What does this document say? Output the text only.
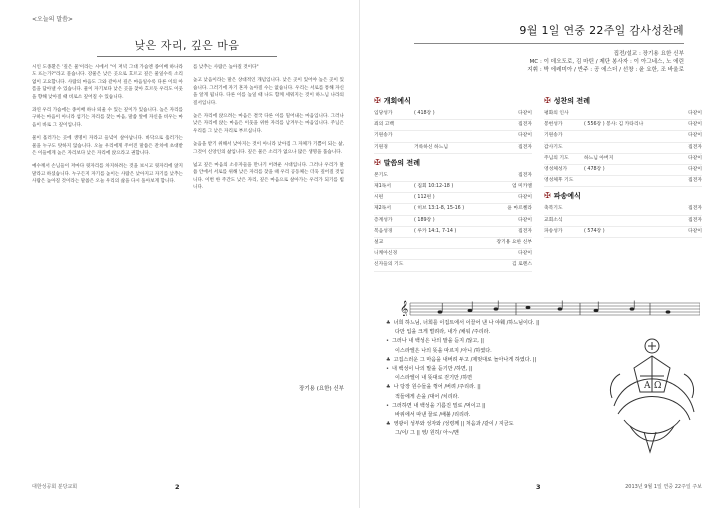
<오늘의 말씀>
낮은 자리, 깊은 마음

시인 도종환은 '깊은 물'이라는 시에서 "이 저녁 그대 가슴엔 종이배 하나라도 뜨는가?"라고 묻습니다. 강물은 낮은 곳으로 흐르고 깊은 물일수록 소리 없이 고요합니다. 사람의 마음도 그와 같아서 깊은 마음일수록 다른 이의 아픔을 담아낼 수 있습니다. 물이 자기보다 낮은 곳을 찾아 흐르듯 우리도 이웃을 향해 낮아질 때 비로소 깊어질 수 있습니다.

과연 우리 가슴에는 종이배 하나 띄울 수 있는 깊이가 있습니다. 높은 자리를 구하는 마음이 아니라 섬기는 자리를 찾는 마음, 말씀 앞에 자신을 비우는 마음이 바로 그 깊이입니다.

물이 흘러가는 곳에 생명이 자라고 들녘이 살아납니다. 바닥으로 흘러가는 물을 누구도 탓하지 않습니다. 오늘 우리에게 주어진 말씀은 잔치에 초대받은 이들에게 높은 자리보다 낮은 자리에 앉으라고 권합니다.

예수께서 손님들이 저마다 윗자리를 차지하려는 것을 보시고 윗자리에 앉지 말라고 하셨습니다. 누구든지 자기를 높이는 사람은 낮아지고 자기를 낮추는 사람은 높아질 것이라는 말씀은 오늘 우리의 삶을 다시 돌아보게 합니다.

를 낮추는 사람은 높아질 것이다"

높고 낮음이라는 말은 상대적인 개념입니다. 낮은 곳이 있어야 높은 곳이 있습니다. 그러기에 자기 혼자 높아질 수는 없습니다. 우리는 서로를 통해 자신을 알게 됩니다. 다른 이를 높일 때 나도 함께 세워지는 것이 하느님 나라의 질서입니다.

높은 자리에 앉으려는 마음은 결국 다른 이를 밀어내는 마음입니다. 그러나 낮은 자리에 앉는 마음은 이웃을 위한 자리를 남겨두는 마음입니다. 주님은 우리를 그 낮은 자리로 부르십니다.

높음을 받기 위해서 낮아지는 것이 아니라 낮아짐 그 자체가 기쁨이 되는 삶, 그것이 신앙인의 삶입니다. 깊은 물은 소리가 없으나 많은 생명을 품습니다.

넓고 깊은 마음의 소유자들을 만나기 어려운 시대입니다. 그러나 우리가 말씀 안에서 서로를 위해 낮은 자리를 찾을 때 우리 공동체는 더욱 깊어질 것입니다. 이번 한 주간도 낮은 자리, 깊은 마음으로 살아가는 우리가 되기를 빕니다.

장기용 (요한) 신부
대한성공회 분당교회	2
9월 1일 연중 22주일 감사성찬례
집전/설교 : 장기용 요한 신부
MC : 이 데오도로, 김 마틴 / 제단 봉사자 : 이 아그네스, 노 에린
지휘 : 박 에레미아 / 반주 : 공 에스더 / 선창 : 윤 요한, 조 바울로
✠ 개회예식
입당성가	( 418장 )	다같이
죄의 고백	집전자
기원송가	다같이
기원경	거룩하신 하느님	집전자
✠ 말씀의 전례
본기도	집전자
제1독서	( 집회 10:12-18 )	엄 미카엘
시편	( 112편 )	다같이
제2독서	( 히브 13:1-8, 15-16 )	윤 마르첼라
층계성가	( 189장 )	다같이
복음성경	( 루카 14:1, 7-14 )	집전자
설교	장기용 요한 신부
니케아신경	다같이
신자들의 기도	김 로렌스
✠ 성찬의 전례
평화의 인사	다같이
봉헌성가	( 556장 ) 봉사: 김 카타리나	다같이
기원송가	다같이
감사기도	집전자
주님의 기도	하느님 아버지	다같이
영성체성가	( 478장 )	다같이
영성체후 기도	집전자
✠ 파송예식
축복기도	집전자
교회소식	집전자
파송성가	( 574장 )	다같이
𝄞
♣ 너희 하느님, 너희를 이집트에서 이끌어 낸 나 야훼 /하느님이다. ||
다만 입을 크게 벌려라, 내가 /채워 /주리라.
• 그러나 내 백성은 나의 말을 듣지 /않고, ||
이스라엘은 나의 뜻을 따르지 /아니 /하였다.
♣ 고집스러운 그 마음을 내버려 두고 /제멋대로 놀아나게 하였다. ||
• 내 백성이 나의 말을 듣기만 /하면, ||
이스라엘이 내 뜻대로 걷기만 /하면
♣ 나 당장 원수들을 꺾어 /버려 /주리라. ||
적들에게 손을 /대어 /치리라.
• 그러하면 내 백성을 기름진 밀로 /먹이고 ||
바위에서 따낸 꿀로 /배불 /리리라.
♣ 영광이 성부와 성자와 /성령께 || 처음과 /같이 / 지금도
그/이/ 그 || 영/ 원히/ 아~/멘
A Ω
3	2013년 9월 1일 연중 22주일 주보
